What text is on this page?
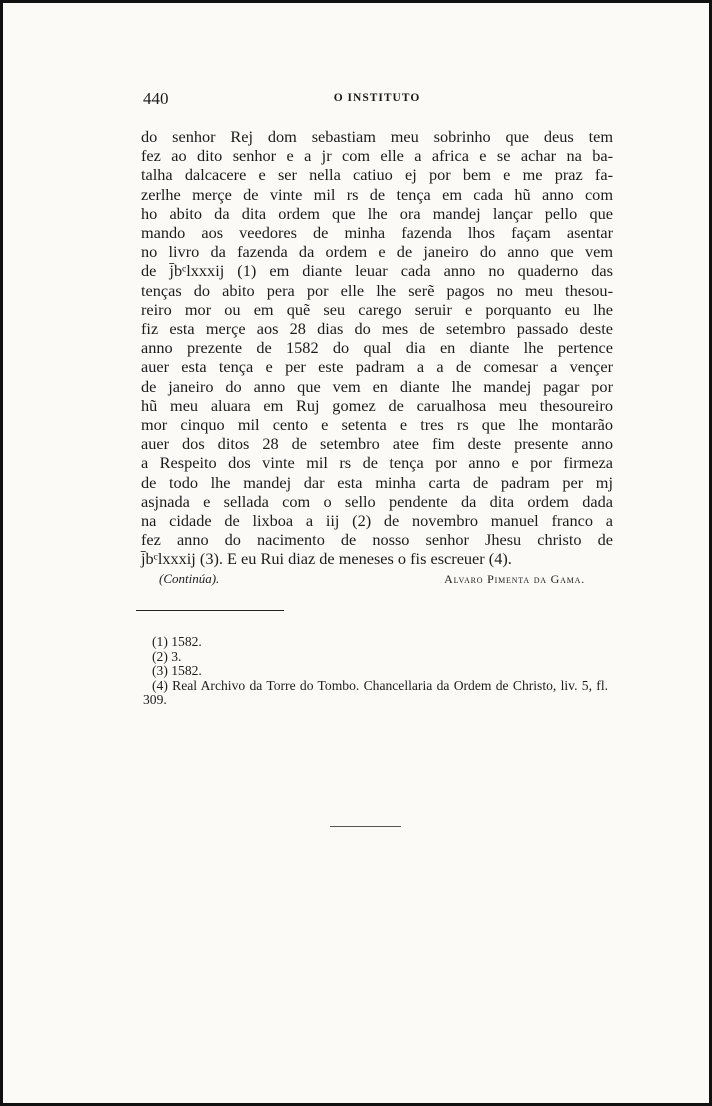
440	O INSTITUTO
do senhor Rej dom sebastiam meu sobrinho que deus tem
fez ao dito senhor e a jr com elle a africa e se achar na ba-
talha dalcacere e ser nella catiuo ej por bem e me praz fa-
zerlhe merçe de vinte mil rs de tença em cada hũ anno com
ho abito da dita ordem que lhe ora mandej lançar pello que
mando aos veedores de minha fazenda lhos façam asentar
no livro da fazenda da ordem e de janeiro do anno que vem
de j̄bᶜlxxxij (1) em diante leuar cada anno no quaderno das
tenças do abito pera por elle lhe serẽ pagos no meu thesou-
reiro mor ou em quẽ seu carego seruir e porquanto eu lhe
fiz esta merçe aos 28 dias do mes de setembro passado deste
anno prezente de 1582 do qual dia en diante lhe pertence
auer esta tença e per este padram a a de comesar a vençer
de janeiro do anno que vem en diante lhe mandej pagar por
hũ meu aluara em Ruj gomez de carualhosa meu thesoureiro
mor cinquo mil cento e setenta e tres rs que lhe montarão
auer dos ditos 28 de setembro atee fim deste presente anno
a Respeito dos vinte mil rs de tença por anno e por firmeza
de todo lhe mandej dar esta minha carta de padram per mj
asjnada e sellada com o sello pendente da dita ordem dada
na cidade de lixboa a iij (2) de novembro manuel franco a
fez anno do nacimento de nosso senhor Jhesu christo de
j̄bᶜlxxxij (3). E eu Rui diaz de meneses o fis escreuer (4).
(Continúa).	Alvaro Pimenta da Gama.
(1) 1582.
(2) 3.
(3) 1582.
(4) Real Archivo da Torre do Tombo. Chancellaria da Ordem de Christo, liv. 5, fl. 309.
